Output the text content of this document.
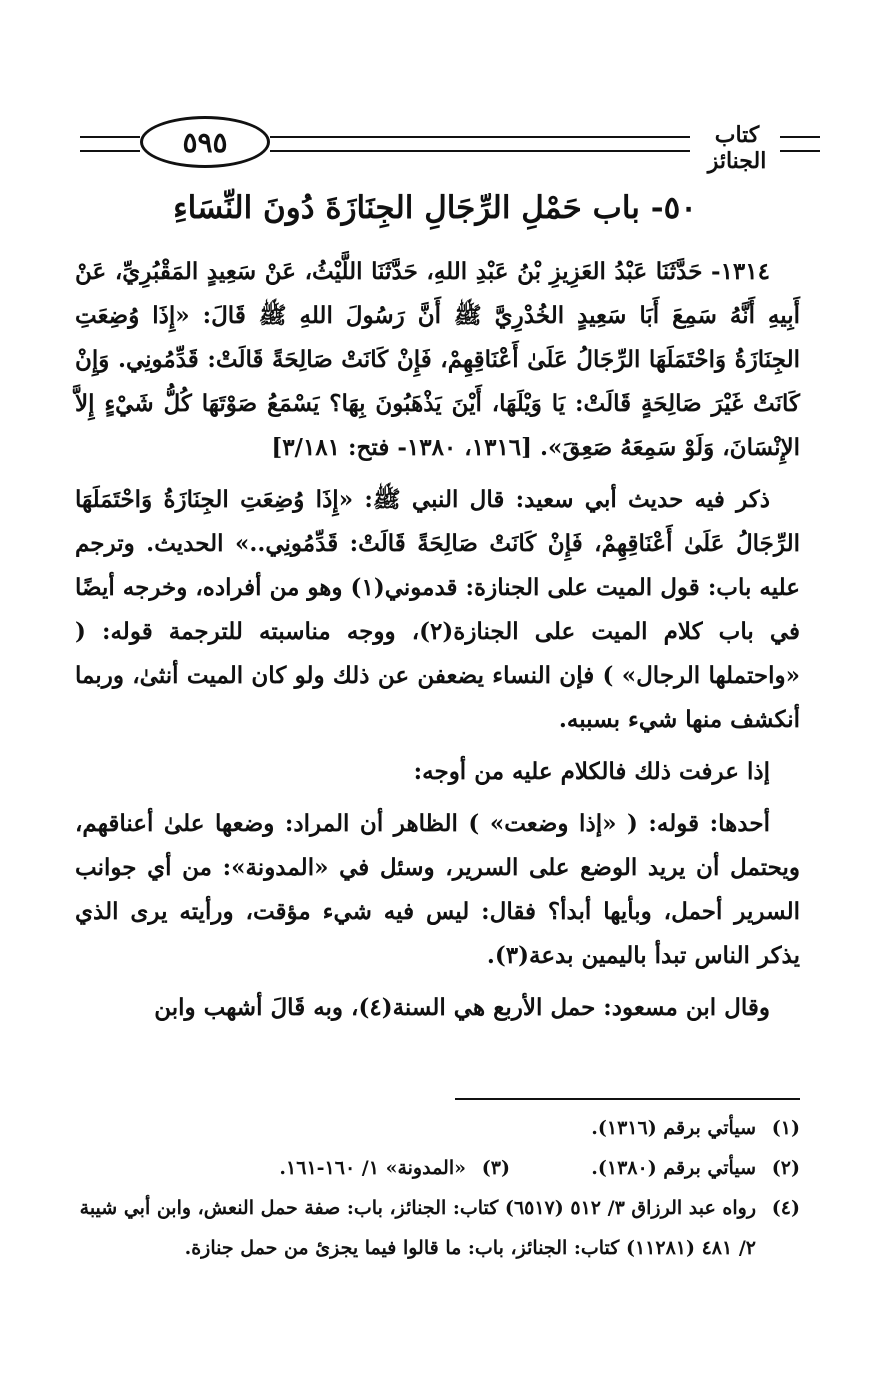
٥٩٥	كتاب الجنائز
٥٠- باب حَمْلِ الرِّجَالِ الجِنَازَةَ دُونَ النِّسَاءِ

١٣١٤- حَدَّثَنَا عَبْدُ العَزِيزِ بْنُ عَبْدِ اللهِ، حَدَّثَنَا اللَّيْثُ، عَنْ سَعِيدٍ المَقْبُرِيِّ، عَنْ أَبِيهِ أَنَّهُ سَمِعَ أَبَا سَعِيدٍ الخُدْرِيَّ ﷺ أَنَّ رَسُولَ اللهِ ﷺ قَالَ: «إِذَا وُضِعَتِ الجِنَازَةُ وَاحْتَمَلَهَا الرِّجَالُ عَلَىٰ أَعْنَاقِهِمْ، فَإِنْ كَانَتْ صَالِحَةً قَالَتْ: قَدِّمُونِي. وَإِنْ كَانَتْ غَيْرَ صَالِحَةٍ قَالَتْ: يَا وَيْلَهَا، أَيْنَ يَذْهَبُونَ بِهَا؟ يَسْمَعُ صَوْتَهَا كُلُّ شَيْءٍ إِلاَّ الإِنْسَانَ، وَلَوْ سَمِعَهُ صَعِقَ». [١٣١٦، ١٣٨٠- فتح: ٣/١٨١]

ذكر فيه حديث أبي سعيد: قال النبي ﷺ: «إِذَا وُضِعَتِ الجِنَازَةُ وَاحْتَمَلَهَا الرِّجَالُ عَلَىٰ أَعْنَاقِهِمْ، فَإِنْ كَانَتْ صَالِحَةً قَالَتْ: قَدِّمُونِي..» الحديث. وترجم عليه باب: قول الميت على الجنازة: قدموني(١) وهو من أفراده، وخرجه أيضًا في باب كلام الميت على الجنازة(٢)، ووجه مناسبته للترجمة قوله: ( «واحتملها الرجال» ) فإن النساء يضعفن عن ذلك ولو كان الميت أنثىٰ، وربما أنكشف منها شيء بسببه.

إذا عرفت ذلك فالكلام عليه من أوجه:

أحدها: قوله: ( «إذا وضعت» ) الظاهر أن المراد: وضعها علىٰ أعناقهم، ويحتمل أن يريد الوضع على السرير، وسئل في «المدونة»: من أي جوانب السرير أحمل، وبأيها أبدأ؟ فقال: ليس فيه شيء مؤقت، ورأيته يرى الذي يذكر الناس تبدأ باليمين بدعة(٣).

وقال ابن مسعود: حمل الأربع هي السنة(٤)، وبه قَالَ أشهب وابن

(١)
سيأتي برقم (١٣١٦).
(٢)
سيأتي برقم (١٣٨٠).
(٣)
«المدونة» ١/ ١٦٠-١٦١.
(٤)
رواه عبد الرزاق ٣/ ٥١٢ (٦٥١٧) كتاب: الجنائز، باب: صفة حمل النعش، وابن أبي شيبة ٢/ ٤٨١ (١١٢٨١) كتاب: الجنائز، باب: ما قالوا فيما يجزئ من حمل جنازة.
